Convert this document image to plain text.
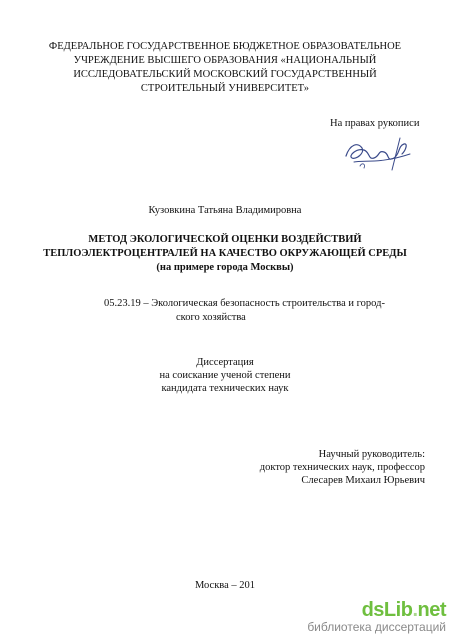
ФЕДЕРАЛЬНОЕ ГОСУДАРСТВЕННОЕ БЮДЖЕТНОЕ ОБРАЗОВАТЕЛЬНОЕ
УЧРЕЖДЕНИЕ ВЫСШЕГО ОБРАЗОВАНИЯ «НАЦИОНАЛЬНЫЙ
ИССЛЕДОВАТЕЛЬСКИЙ МОСКОВСКИЙ ГОСУДАРСТВЕННЫЙ
СТРОИТЕЛЬНЫЙ УНИВЕРСИТЕТ»
На правах рукописи
Кузовкина Татьяна Владимировна
МЕТОД ЭКОЛОГИЧЕСКОЙ ОЦЕНКИ ВОЗДЕЙСТВИЙ
ТЕПЛОЭЛЕКТРОЦЕНТРАЛЕЙ НА КАЧЕСТВО ОКРУЖАЮЩЕЙ СРЕДЫ
(на примере города Москвы)
05.23.19 – Экологическая безопасность строительства и город-
ского хозяйства
Диссертация
на соискание ученой степени
кандидата технических наук
Научный руководитель:
доктор технических наук, профессор
Слесарев Михаил Юрьевич
Москва – 201
dsLib.net
библиотека диссертаций
